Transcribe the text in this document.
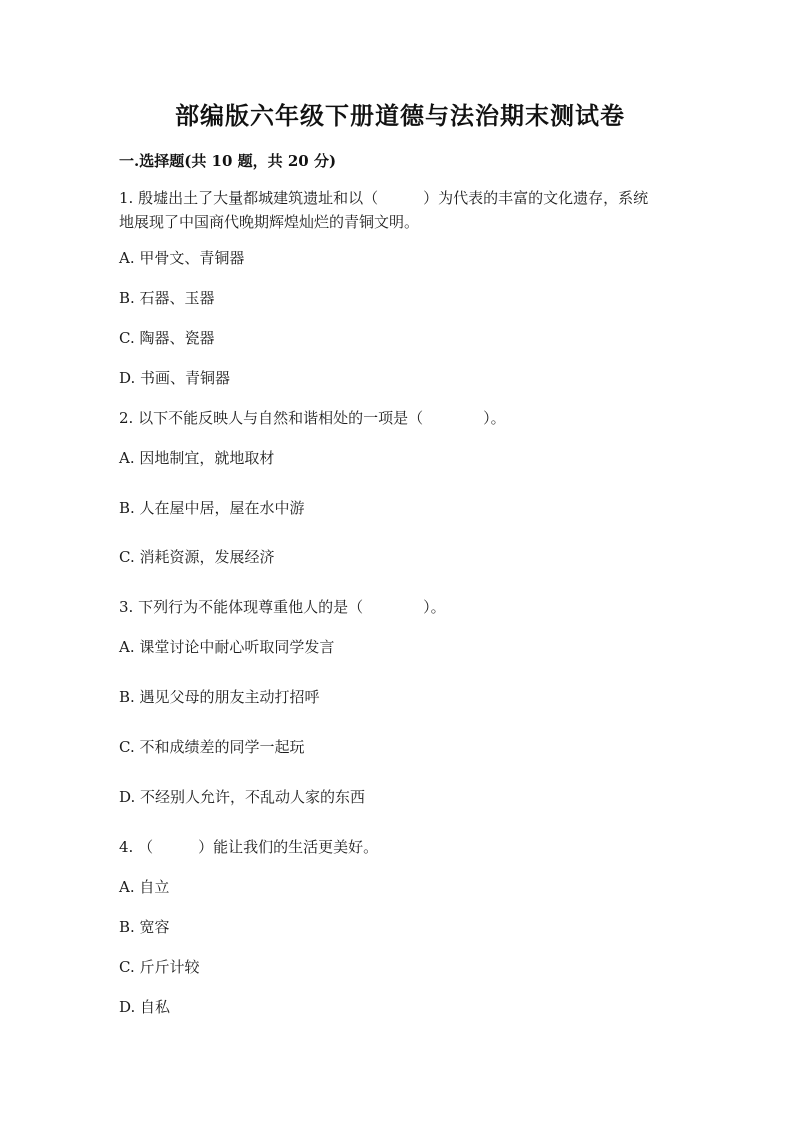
部编版六年级下册道德与法治期末测试卷
一.选择题(共 10 题，共 20 分)
1. 殷墟出土了大量都城建筑遗址和以（　　　）为代表的丰富的文化遗存，系统
地展现了中国商代晚期辉煌灿烂的青铜文明。
A. 甲骨文、青铜器
B. 石器、玉器
C. 陶器、瓷器
D. 书画、青铜器
2. 以下不能反映人与自然和谐相处的一项是（　　　　）。
A. 因地制宜，就地取材
B. 人在屋中居，屋在水中游
C. 消耗资源，发展经济
3. 下列行为不能体现尊重他人的是（　　　　）。
A. 课堂讨论中耐心听取同学发言
B. 遇见父母的朋友主动打招呼
C. 不和成绩差的同学一起玩
D. 不经别人允许，不乱动人家的东西
4. （　　　）能让我们的生活更美好。
A. 自立
B. 宽容
C. 斤斤计较
D. 自私
